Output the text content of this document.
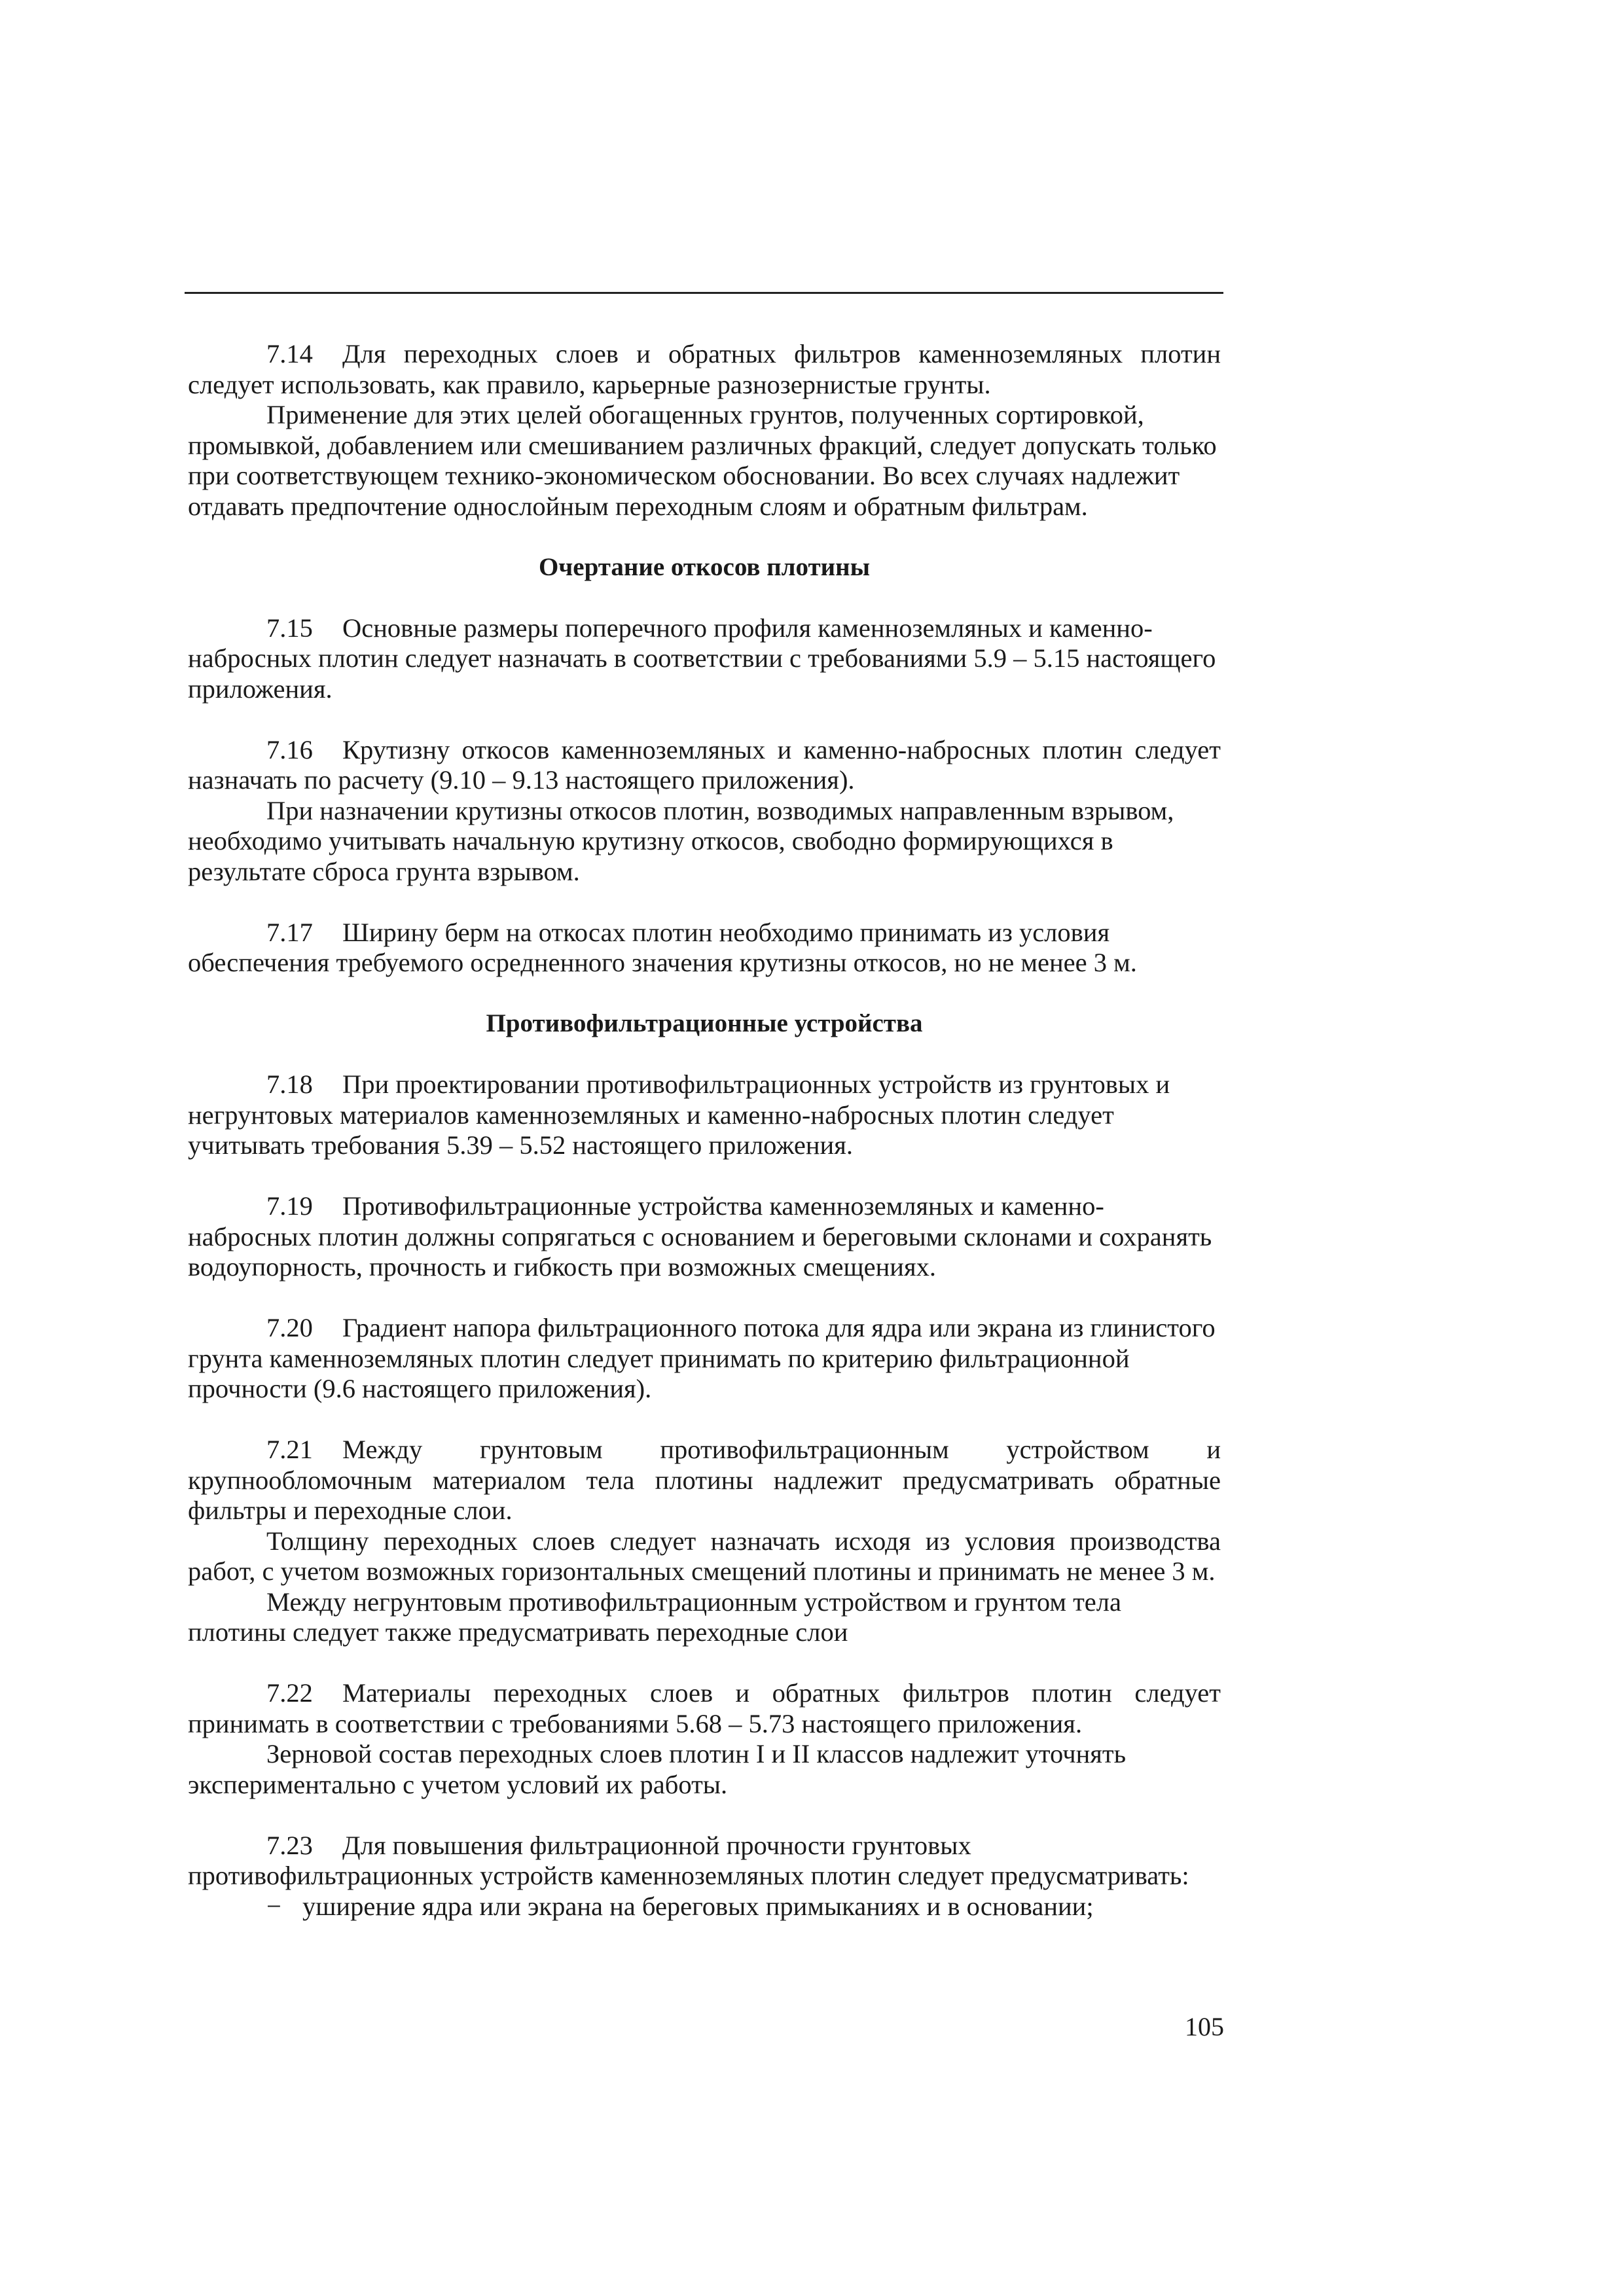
7.14 Для переходных слоев и обратных фильтров каменноземляных плотин следует использовать, как правило, карьерные разнозернистые грунты.

Применение для этих целей обогащенных грунтов, полученных сортировкой, промывкой, добавлением или смешиванием различных фракций, следует допускать только при соответствующем технико-экономическом обосновании. Во всех случаях надлежит отдавать предпочтение однослойным переходным слоям и обратным фильтрам.

Очертание откосов плотины

7.15 Основные размеры поперечного профиля каменноземляных и каменно-набросных плотин следует назначать в соответствии с требованиями 5.9 – 5.15 настоящего приложения.

7.16 Крутизну откосов каменноземляных и каменно-набросных плотин следует назначать по расчету (9.10 – 9.13 настоящего приложения).

При назначении крутизны откосов плотин, возводимых направленным взрывом, необходимо учитывать начальную крутизну откосов, свободно формирующихся в результате сброса грунта взрывом.

7.17 Ширину берм на откосах плотин необходимо принимать из условия обеспечения требуемого осредненного значения крутизны откосов, но не менее 3 м.

Противофильтрационные устройства

7.18 При проектировании противофильтрационных устройств из грунтовых и негрунтовых материалов каменноземляных и каменно-набросных плотин следует учитывать требования 5.39 – 5.52 настоящего приложения.

7.19 Противофильтрационные устройства каменноземляных и каменно-набросных плотин должны сопрягаться с основанием и береговыми склонами и сохранять водоупорность, прочность и гибкость при возможных смещениях.

7.20 Градиент напора фильтрационного потока для ядра или экрана из глинистого грунта каменноземляных плотин следует принимать по критерию фильтрационной прочности (9.6 настоящего приложения).

7.21 Между грунтовым противофильтрационным устройством и крупнообломочным материалом тела плотины надлежит предусматривать обратные фильтры и переходные слои.

Толщину переходных слоев следует назначать исходя из условия производства работ, с учетом возможных горизонтальных смещений плотины и принимать не менее 3 м.

Между негрунтовым противофильтрационным устройством и грунтом тела плотины следует также предусматривать переходные слои

7.22 Материалы переходных слоев и обратных фильтров плотин следует принимать в соответствии с требованиями 5.68 – 5.73 настоящего приложения.

Зерновой состав переходных слоев плотин I и II классов надлежит уточнять экспериментально с учетом условий их работы.

7.23 Для повышения фильтрационной прочности грунтовых противофильтрационных устройств каменноземляных плотин следует предусматривать:

− уширение ядра или экрана на береговых примыканиях и в основании;

105
